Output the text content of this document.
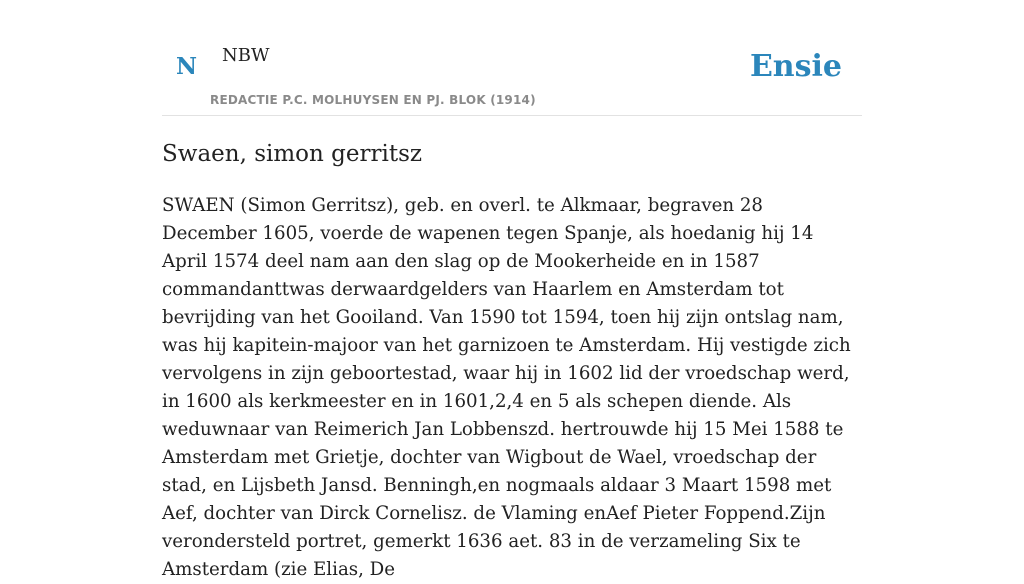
N NBW
REDACTIE P.C. MOLHUYSEN EN PJ. BLOK (1914)
Ensie
Swaen, simon gerritsz

SWAEN (Simon Gerritsz), geb. en overl. te Alkmaar, begraven 28 December 1605, voerde de wapenen tegen Spanje, als hoedanig hij 14 April 1574 deel nam aan den slag op de Mookerheide en in 1587 commandanttwas derwaardgelders van Haarlem en Amsterdam tot bevrijding van het Gooiland. Van 1590 tot 1594, toen hij zijn ontslag nam, was hij kapitein-majoor van het garnizoen te Amsterdam. Hij vestigde zich vervolgens in zijn geboortestad, waar hij in 1602 lid der vroedschap werd, in 1600 als kerkmeester en in 1601,2,4 en 5 als schepen diende. Als weduwnaar van Reimerich Jan Lobbenszd. hertrouwde hij 15 Mei 1588 te Amsterdam met Grietje, dochter van Wigbout de Wael, vroedschap der stad, en Lijsbeth Jansd. Benningh,en nogmaals aldaar 3 Maart 1598 met Aef, dochter van Dirck Cornelisz. de Vlaming enAef Pieter Foppend.Zijn verondersteld portret, gemerkt 1636 aet. 83 in de verzameling Six te Amsterdam (zie Elias, De
